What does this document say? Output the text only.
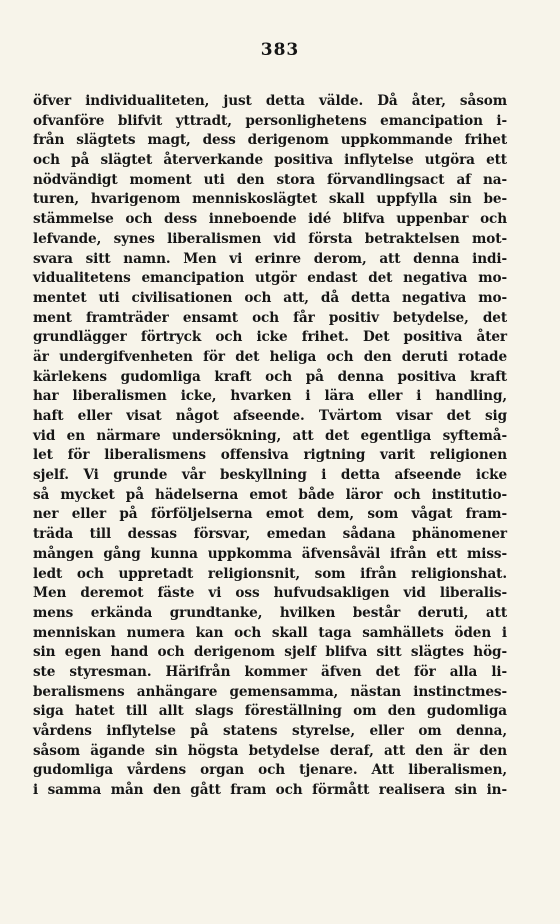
383
öfver individualiteten, just detta välde. Då åter, såsom
ofvanföre blifvit yttradt, personlighetens emancipation i-
från slägtets magt, dess derigenom uppkommande frihet
och på slägtet återverkande positiva inflytelse utgöra ett
nödvändigt moment uti den stora förvandlingsact af na-
turen, hvarigenom menniskoslägtet skall uppfylla sin be-
stämmelse och dess inneboende idé blifva uppenbar och
lefvande, synes liberalismen vid första betraktelsen mot-
svara sitt namn. Men vi erinre derom, att denna indi-
vidualitetens emancipation utgör endast det negativa mo-
mentet uti civilisationen och att, då detta negativa mo-
ment framträder ensamt och får positiv betydelse, det
grundlägger förtryck och icke frihet. Det positiva åter
är undergifvenheten för det heliga och den deruti rotade
kärlekens gudomliga kraft och på denna positiva kraft
har liberalismen icke, hvarken i lära eller i handling,
haft eller visat något afseende. Tvärtom visar det sig
vid en närmare undersökning, att det egentliga syftemå-
let för liberalismens offensiva rigtning varit religionen
sjelf. Vi grunde vår beskyllning i detta afseende icke
så mycket på hädelserna emot både läror och institutio-
ner eller på förföljelserna emot dem, som vågat fram-
träda till dessas försvar, emedan sådana phänomener
mången gång kunna uppkomma äfvensåväl ifrån ett miss-
ledt och uppretadt religionsnit, som ifrån religionshat.
Men deremot fäste vi oss hufvudsakligen vid liberalis-
mens erkända grundtanke, hvilken består deruti, att
menniskan numera kan och skall taga samhällets öden i
sin egen hand och derigenom sjelf blifva sitt slägtes hög-
ste styresman. Härifrån kommer äfven det för alla li-
beralismens anhängare gemensamma, nästan instinctmes-
siga hatet till allt slags föreställning om den gudomliga
vårdens inflytelse på statens styrelse, eller om denna,
såsom ägande sin högsta betydelse deraf, att den är den
gudomliga vårdens organ och tjenare. Att liberalismen,
i samma mån den gått fram och förmått realisera sin in-
